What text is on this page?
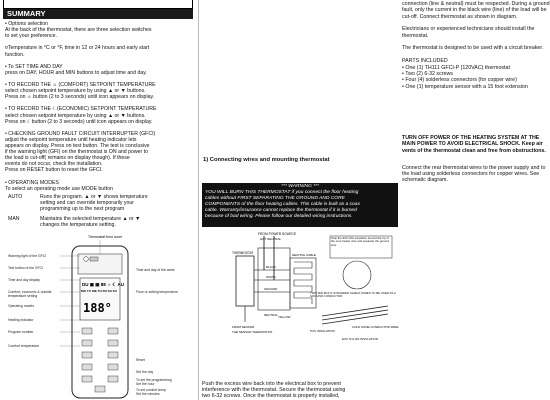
SUMMARY
• Options selection
At the back of the thermostat, there are three selection switches
to set your preference.
¤Temperature in °C or °F, time in 12 or 24 hours and early start
function.
• To SET TIME AND DAY
press on DAY, HOUR and MIN buttons to adjust time and day.
• TO RECORD THE ☼ (COMFORT) SETPOINT TEMPERATURE
select chosen setpoint temperature by using ▲ or ▼ buttons.
Press on ☼ button (2 to 3 seconds) until icon appears on display.
• TO RECORD THE ☾(ECONOMIC) SETPOINT TEMPERATURE
select chosen setpoint temperature by using ▲ or ▼ buttons.
Press on ☾button (2 to 3 seconds) until icon appears on display.
• CHECKING GROUND FAULT CIRCUIT INTERRUPTER (GFCI)
adjust the setpoint temperature until heating indicator lets
appears on display. Press on test button. The test is conclusive
if the warning light (GFI) on the thermostat is ON and power to
the load is cut-off( remains on display though). If these
events do not occur, check the installation.
Press on RESET button to reset the GFCI.
• OPERATING MODES
To select an operating mode use MODE button
AUTO	Runs the program. ▲ or ▼ shows temperature
setting and can override temporarily your
programming up to the next program
MAN	Maintains the selected temperature ▲ or ▼
changes the temperature setting.
DU ▣ ▣ 88 ☼ ☾ AU
MO TU WE TH FR SA SU
188°
Thermostat front cover
Warning light of the GFCI
Test button of the GFCI
Time and day display
Comfort, economic & outside temperature setting
Operating modes
Heating indicator
Program number
Comfort temperature
Time and day of the week
Floor or setting temperature
Reset
Set the day
Set the hour
Set the minutes
To set the programming
To set comfort temp.
connection (line & neutral) must be respected. During a ground
fault, only the current in the black wire (line) of the load will be
cut-off. Connect thermostat as shown in diagram.
Electricians or experienced technicians should install the
thermostat.
The thermostat is designed to be used with a circuit breaker.
PARTS INCLUDED
• One (1) TH111 GFCI-P (120VAC) thermostat
• Two (2) 6-32 screws
• Four (4) solderless connectors (for copper wire)
• One (1) temperature sensor with a 15 foot extension
TURN OFF POWER OF THE HEATING SYSTEM AT THE
MAIN POWER TO AVOID ELECTRICAL SHOCK. Keep air
vents of the thermostat clean and free from obstructions.
1) Connecting wires and mounting thermostat
Connect the rear thermostat wires to the power supply and to
the load using solderless connectors for copper wires. See
schematic diagram.
*** WARNING ***
YOU WILL BURN THIS THERMOSTAT if you connect the floor heating
cables without FIRST SEPARATING THE GROUND AND CORE
COMPONENTS of the floor heating cables. This cable is built as a coax
cable. Warranty/insurance cannot replace the thermostat if it is burned
because of bad wiring. Please follow our detailed wiring instructions.
FROM POWER SOURCE
HOT NEUTRAL
THERMOSTAT
GROUND
HEATING CABLE
NEUTRAL
BLACK
WHITE
YELLOW
FROM SENSOR
THE SENSOR THERMOSTAT
Strip the EVC-Mix insulation around the tip of the core heater wire and separate the ground wire
TWISTED MULTI-STRANDED SHIELD WIRES TO BE USED AS A GROUND CONDUCTOR
PVC INSULATION
COLD ZONE CONDUCTOR WIRE
EVC NYLON INSULATION
Push the excess wire back into the electrical box to prevent
interference with the thermostat. Secure the thermostat using
two 6-32 screws. Once the thermostat is properly installed,
